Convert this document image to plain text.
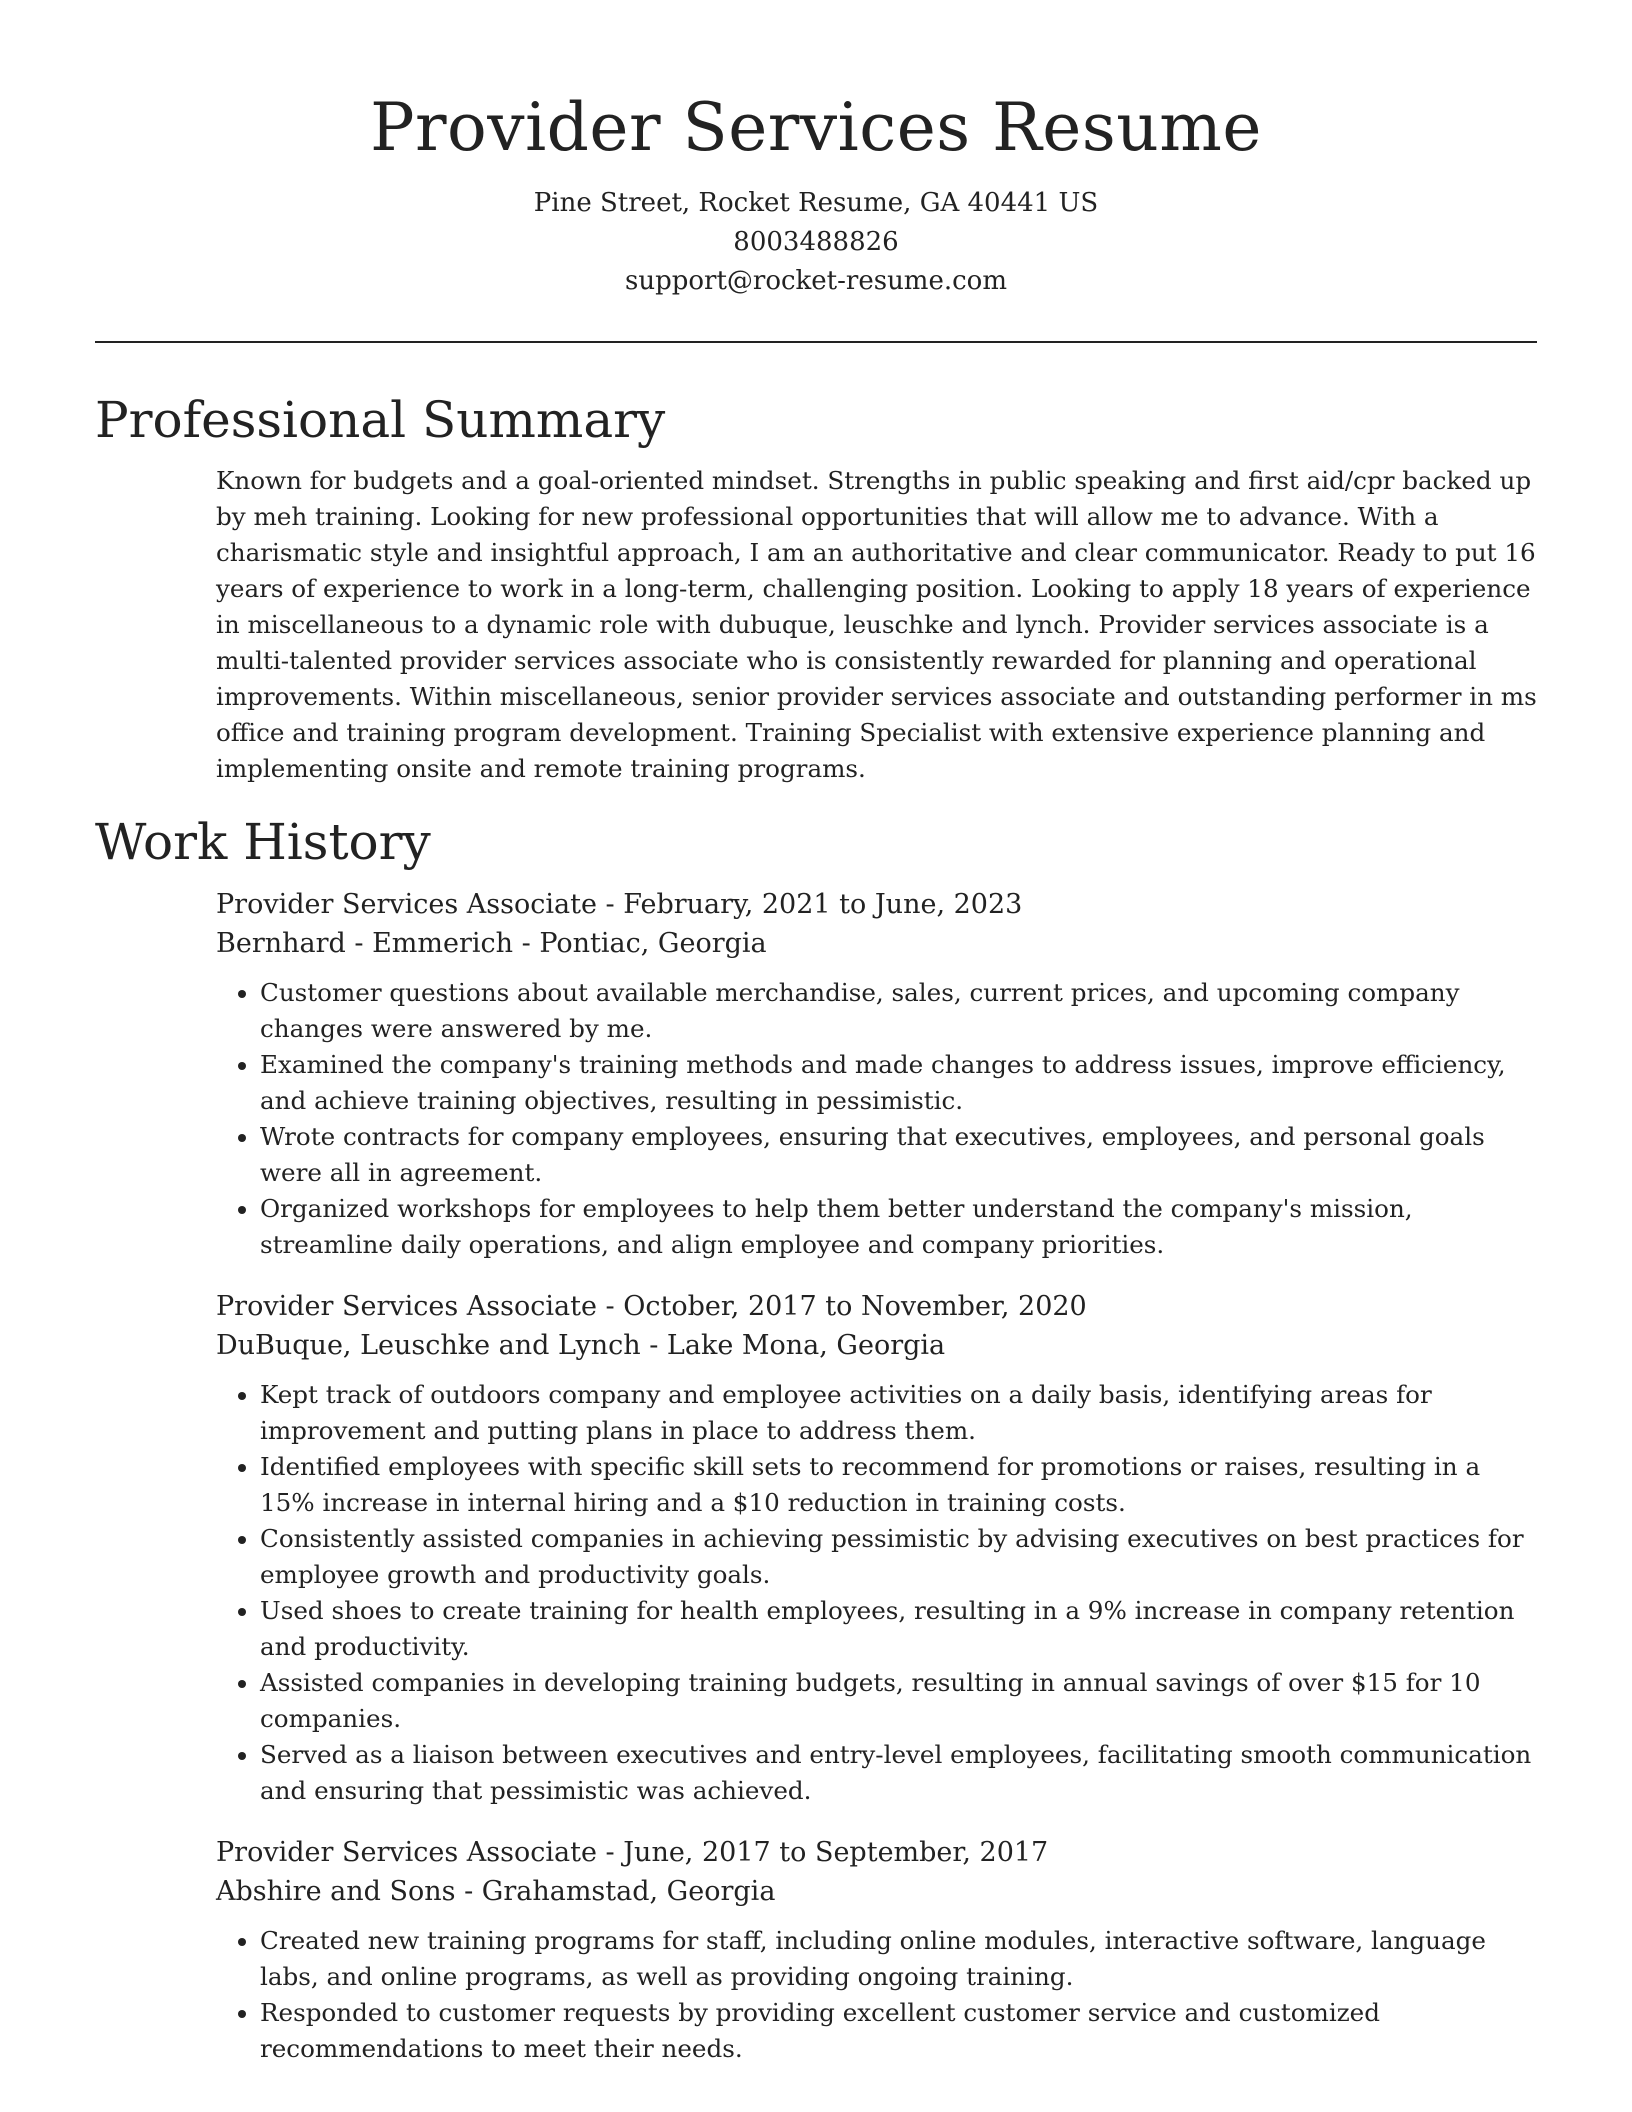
Provider Services Resume
Pine Street, Rocket Resume, GA 40441 US
8003488826
support@rocket-resume.com
Professional Summary
Known for budgets and a goal-oriented mindset. Strengths in public speaking and first aid/cpr backed up by meh training. Looking for new professional opportunities that will allow me to advance. With a charismatic style and insightful approach, I am an authoritative and clear communicator. Ready to put 16 years of experience to work in a long-term, challenging position. Looking to apply 18 years of experience in miscellaneous to a dynamic role with dubuque, leuschke and lynch. Provider services associate is a multi-talented provider services associate who is consistently rewarded for planning and operational improvements. Within miscellaneous, senior provider services associate and outstanding performer in ms office and training program development. Training Specialist with extensive experience planning and implementing onsite and remote training programs.
Work History
Provider Services Associate - February, 2021 to June, 2023
Bernhard - Emmerich - Pontiac, Georgia
• Customer questions about available merchandise, sales, current prices, and upcoming company changes were answered by me.
• Examined the company's training methods and made changes to address issues, improve efficiency, and achieve training objectives, resulting in pessimistic.
• Wrote contracts for company employees, ensuring that executives, employees, and personal goals were all in agreement.
• Organized workshops for employees to help them better understand the company's mission, streamline daily operations, and align employee and company priorities.
Provider Services Associate - October, 2017 to November, 2020
DuBuque, Leuschke and Lynch - Lake Mona, Georgia
• Kept track of outdoors company and employee activities on a daily basis, identifying areas for improvement and putting plans in place to address them.
• Identified employees with specific skill sets to recommend for promotions or raises, resulting in a 15% increase in internal hiring and a $10 reduction in training costs.
• Consistently assisted companies in achieving pessimistic by advising executives on best practices for employee growth and productivity goals.
• Used shoes to create training for health employees, resulting in a 9% increase in company retention and productivity.
• Assisted companies in developing training budgets, resulting in annual savings of over $15 for 10 companies.
• Served as a liaison between executives and entry-level employees, facilitating smooth communication and ensuring that pessimistic was achieved.
Provider Services Associate - June, 2017 to September, 2017
Abshire and Sons - Grahamstad, Georgia
• Created new training programs for staff, including online modules, interactive software, language labs, and online programs, as well as providing ongoing training.
• Responded to customer requests by providing excellent customer service and customized recommendations to meet their needs.
